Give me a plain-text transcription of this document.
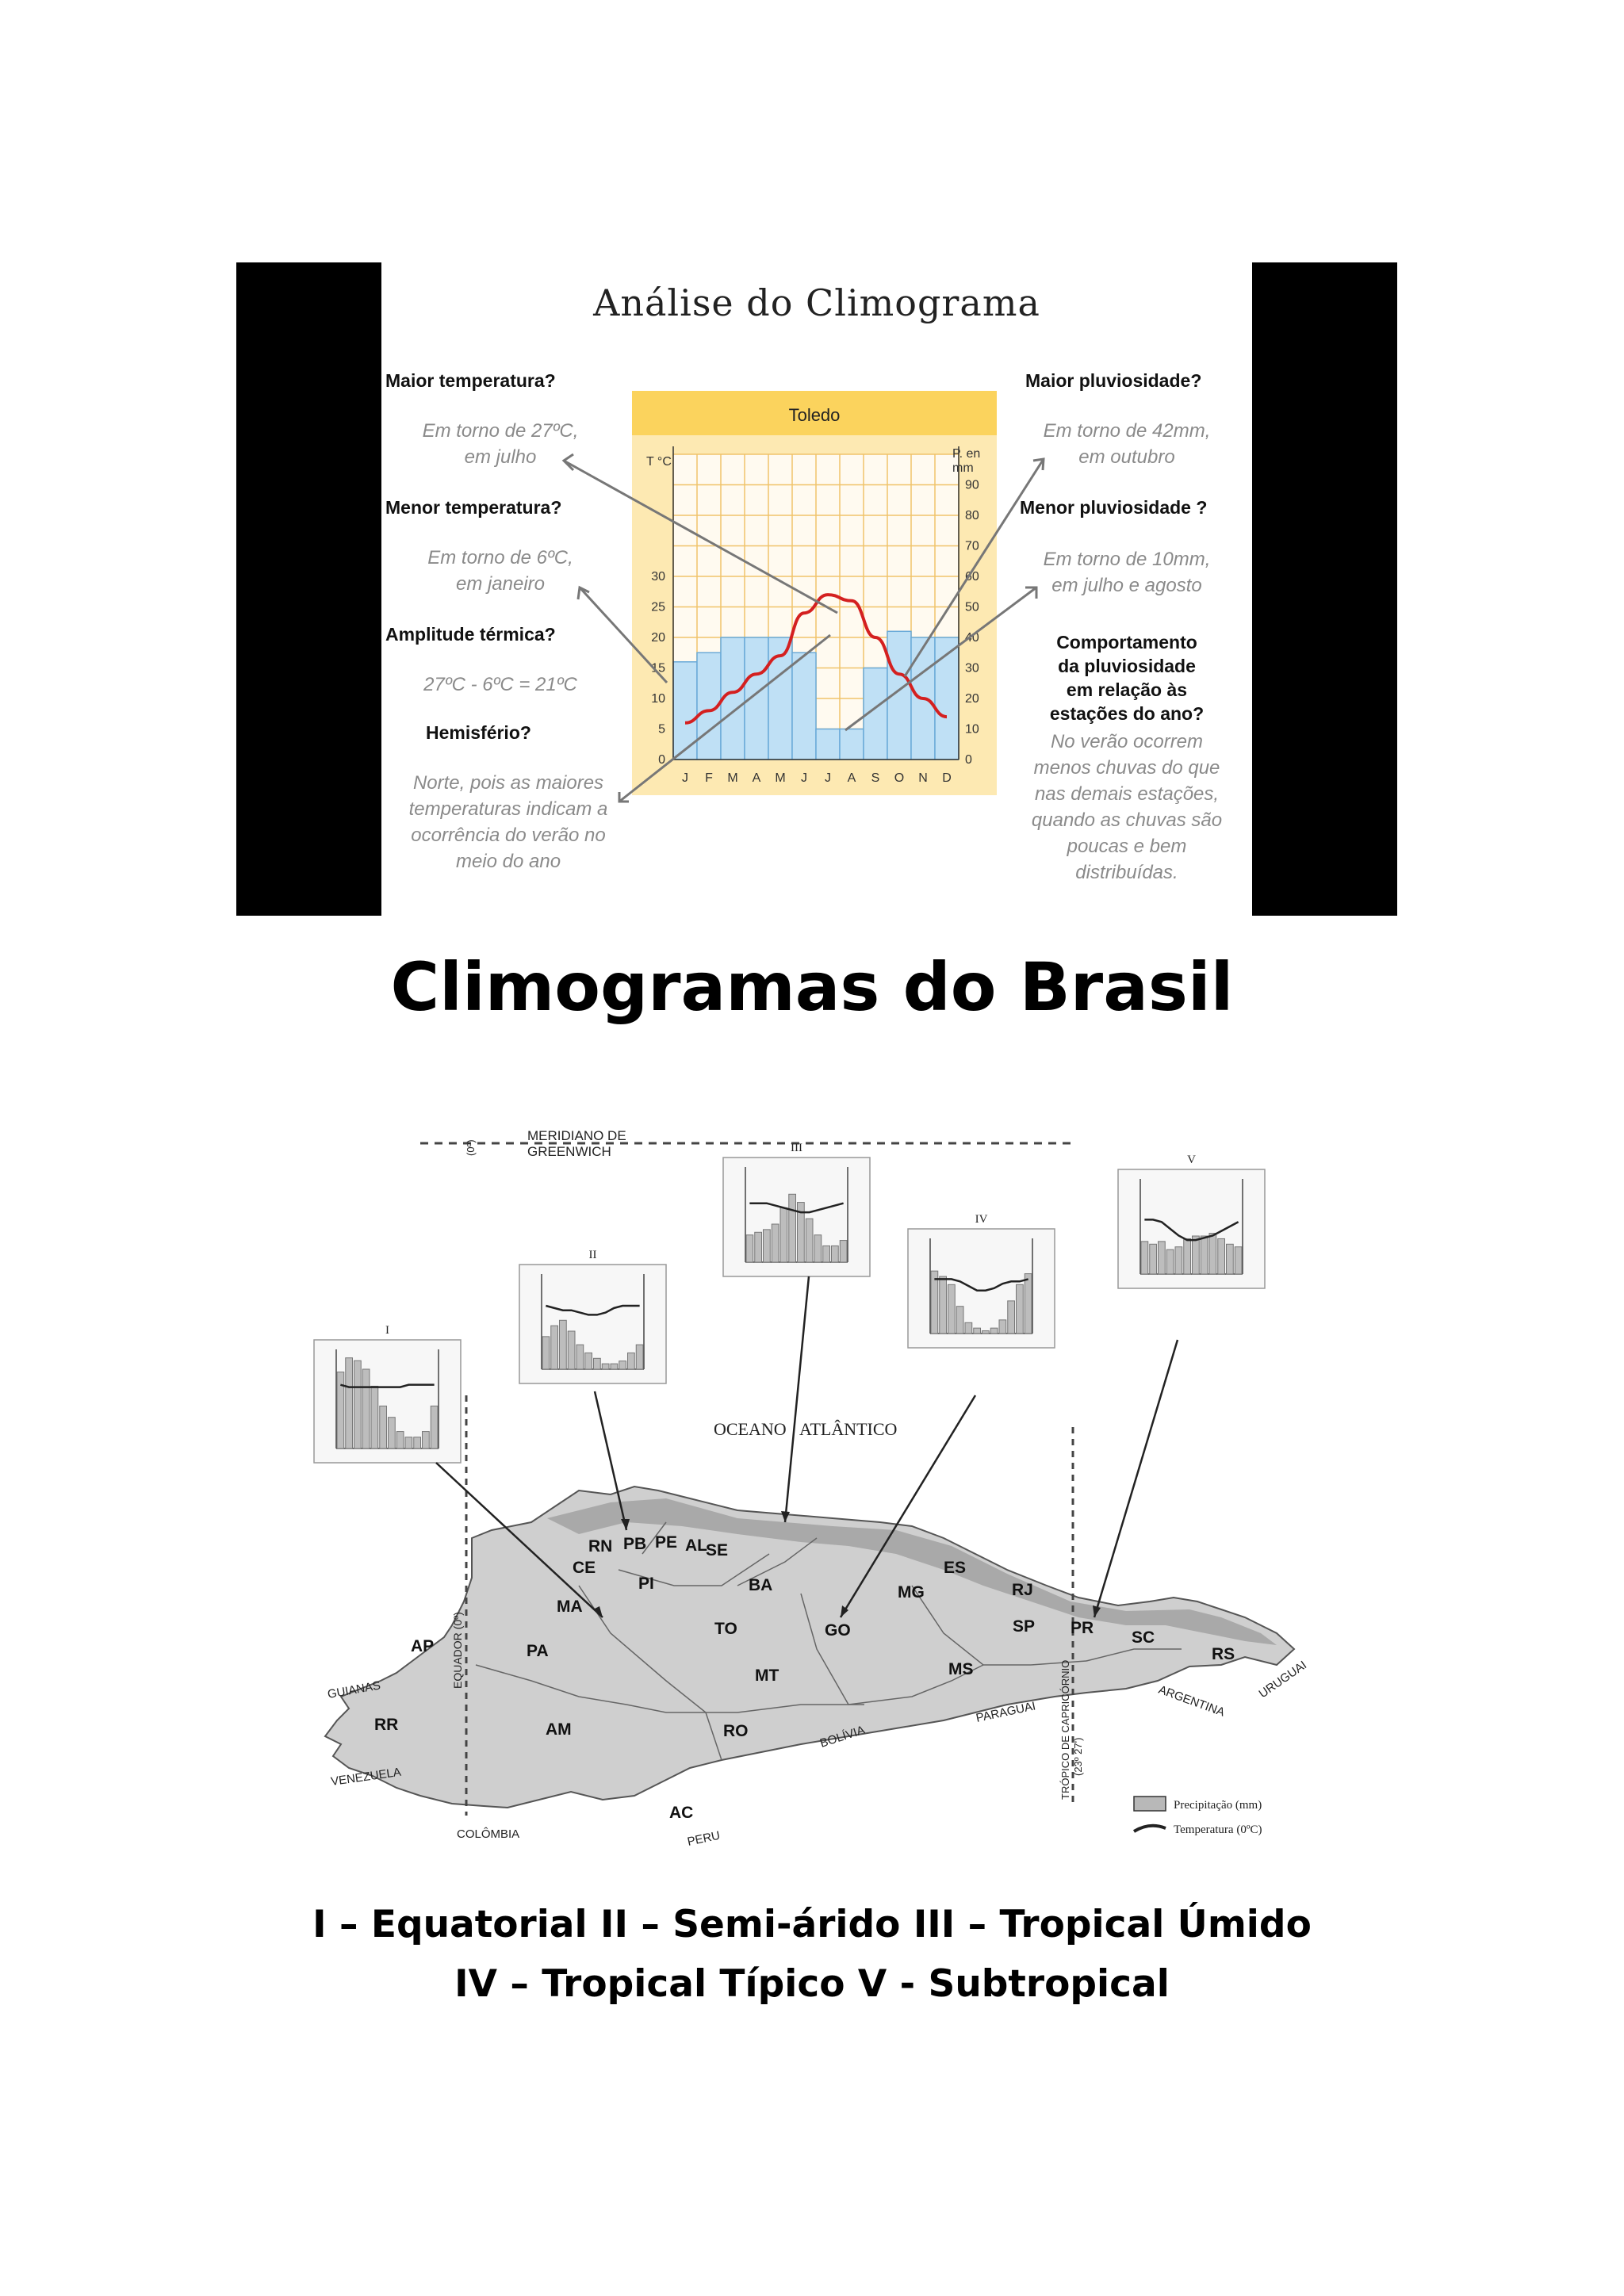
Análise do Climograma
Maior temperatura?
Em torno de 27ºC,
em julho
Menor temperatura?
Em torno de 6ºC,
em janeiro
Amplitude térmica?
27ºC - 6ºC = 21ºC
Hemisfério?
Norte, pois as maiores
temperaturas indicam a
ocorrência do verão no
meio do ano
Maior pluviosidade?
Em torno de 42mm,
em outubro
Menor pluviosidade ?
Em torno de 10mm,
em julho e agosto
Comportamento
da pluviosidade
em relação às
estações do ano?
No verão ocorrem
menos chuvas do que
nas demais estações,
quando as chuvas são
poucas e bem
distribuídas.
Toledo
0
5
10
15
20
25
30
0
10
20
30
40
50
60
70
80
90
J F M A M J J A S O N D
T °C
P. en
mm
Climogramas do Brasil
I
II
III
IV
V
MERIDIANO DE
GREENWICH
(0º)
OCEANO ATLÂNTICO
EQUADOR (0º)
TRÓPICO DE CAPRICÓRNIO (23º 27')
RN PB PE AL
SE
CE
PI
MA
BA	MG
ES
RJ
SP PR
SC
RS
AP	PA
TO	GO
MT	MS
RR	AM	RO
AC
GUIANAS
VENEZUELA
COLÔMBIA	PERU
BOLÍVIA
PARAGUAI	ARGENTINA
URUGUAI
Precipitação (mm)
Temperatura (0ºC)
I – Equatorial II – Semi-árido III – Tropical Úmido
IV – Tropical Típico V - Subtropical
